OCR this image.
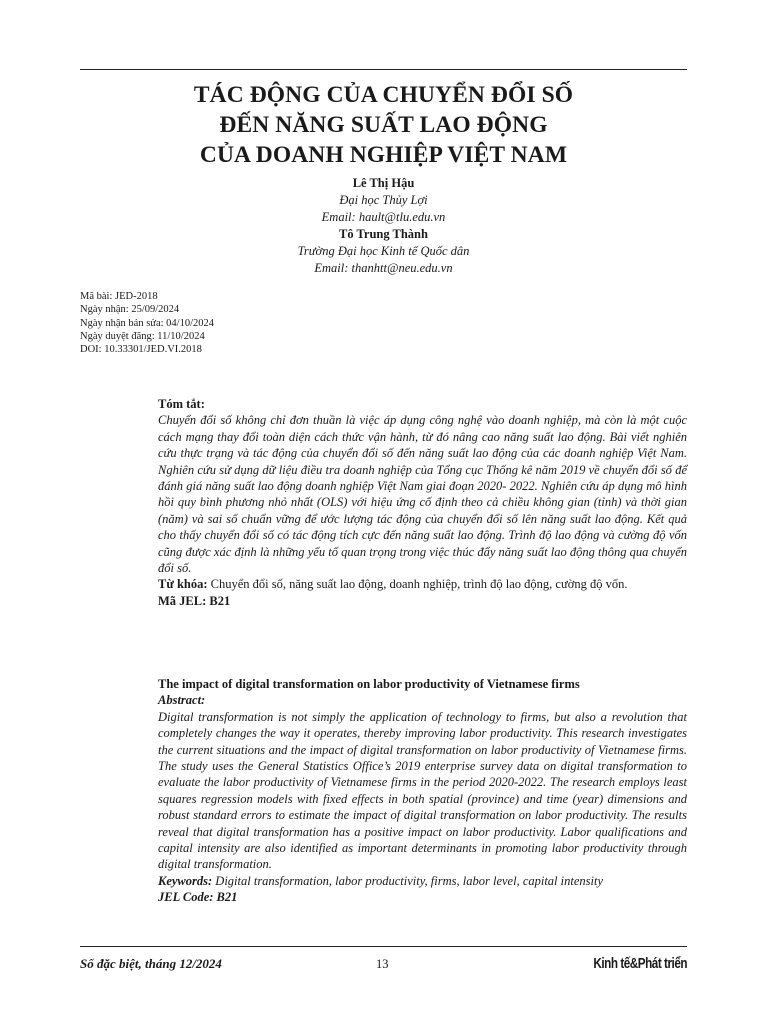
TÁC ĐỘNG CỦA CHUYỂN ĐỔI SỐ
ĐẾN NĂNG SUẤT LAO ĐỘNG
CỦA DOANH NGHIỆP VIỆT NAM
Lê Thị Hậu
Đại học Thủy Lợi
Email: hault@tlu.edu.vn
Tô Trung Thành
Trường Đại học Kinh tế Quốc dân
Email: thanhtt@neu.edu.vn
Mã bài: JED-2018
Ngày nhận: 25/09/2024
Ngày nhận bản sửa: 04/10/2024
Ngày duyệt đăng: 11/10/2024
DOI: 10.33301/JED.VI.2018
Tóm tắt:
Chuyển đổi số không chỉ đơn thuần là việc áp dụng công nghệ vào doanh nghiệp, mà còn là một cuộc cách mạng thay đổi toàn diện cách thức vận hành, từ đó nâng cao năng suất lao động. Bài viết nghiên cứu thực trạng và tác động của chuyển đổi số đến năng suất lao động của các doanh nghiệp Việt Nam. Nghiên cứu sử dụng dữ liệu điều tra doanh nghiệp của Tổng cục Thống kê năm 2019 về chuyển đổi số để đánh giá năng suất lao động doanh nghiệp Việt Nam giai đoạn 2020- 2022. Nghiên cứu áp dụng mô hình hồi quy bình phương nhỏ nhất (OLS) với hiệu ứng cố định theo cả chiều không gian (tỉnh) và thời gian (năm) và sai số chuẩn vững để ước lượng tác động của chuyển đổi số lên năng suất lao động. Kết quả cho thấy chuyển đổi số có tác động tích cực đến năng suất lao động. Trình độ lao động và cường độ vốn cũng được xác định là những yếu tố quan trọng trong việc thúc đẩy năng suất lao động thông qua chuyển đổi số.
Từ khóa: Chuyển đổi số, năng suất lao động, doanh nghiệp, trình độ lao động, cường độ vốn.
Mã JEL: B21
The impact of digital transformation on labor productivity of Vietnamese firms
Abstract:
Digital transformation is not simply the application of technology to firms, but also a revolution that completely changes the way it operates, thereby improving labor productivity. This research investigates the current situations and the impact of digital transformation on labor productivity of Vietnamese firms. The study uses the General Statistics Office’s 2019 enterprise survey data on digital transformation to evaluate the labor productivity of Vietnamese firms in the period 2020-2022. The research employs least squares regression models with fixed effects in both spatial (province) and time (year) dimensions and robust standard errors to estimate the impact of digital transformation on labor productivity. The results reveal that digital transformation has a positive impact on labor productivity. Labor qualifications and capital intensity are also identified as important determinants in promoting labor productivity through digital transformation.
Keywords: Digital transformation, labor productivity, firms, labor level, capital intensity
JEL Code: B21
Số đặc biệt, tháng 12/2024	13	Kinh tế&Phát triển
